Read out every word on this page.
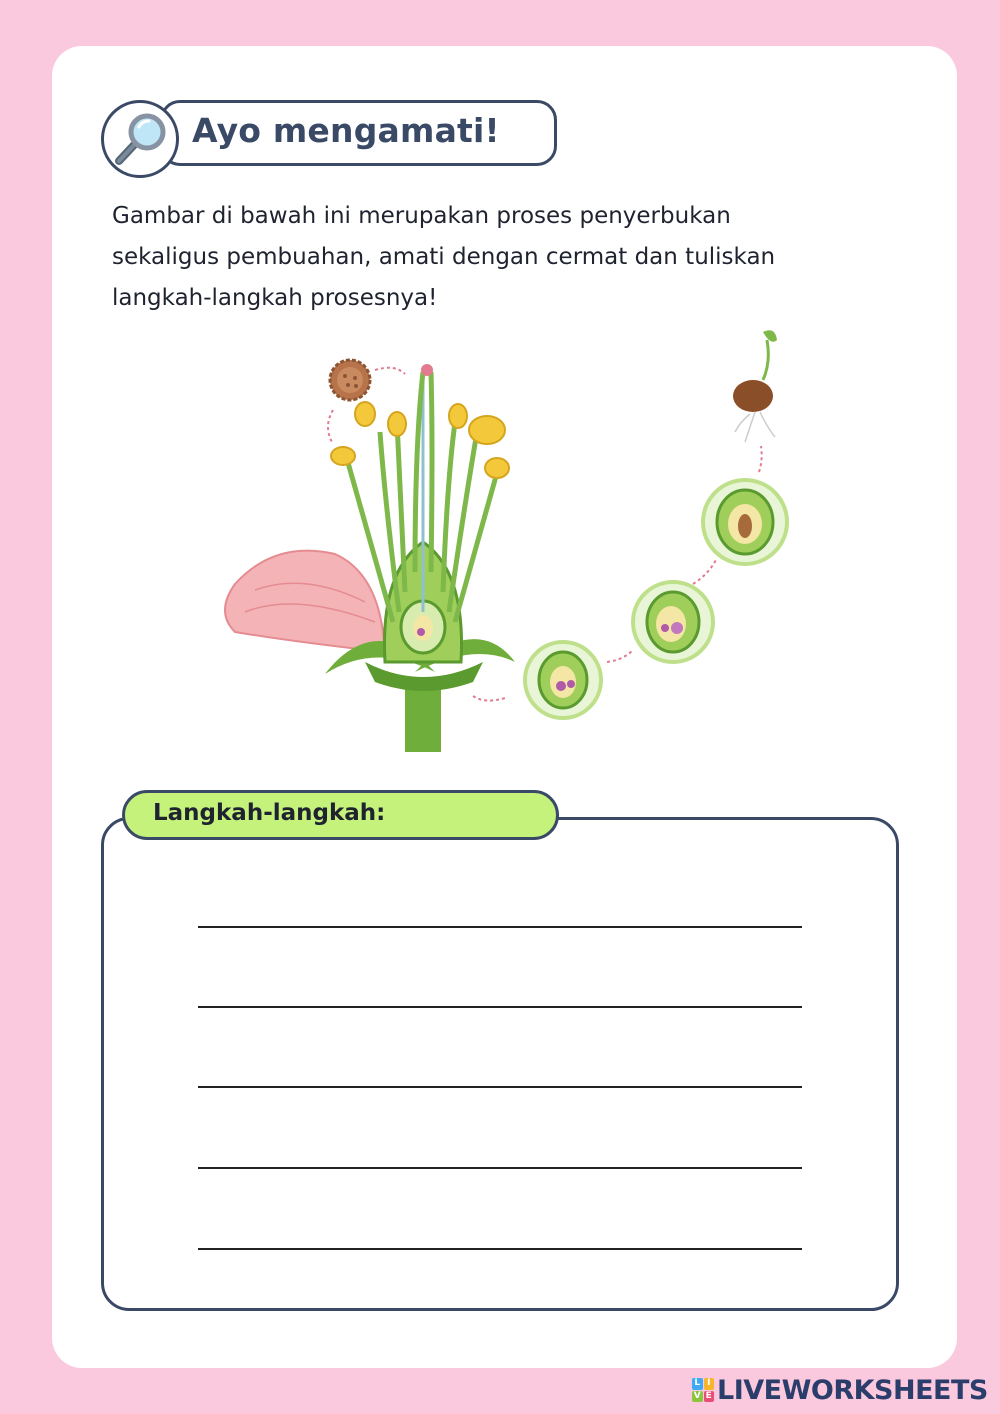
Ayo mengamati!
Gambar di bawah ini merupakan proses penyerbukan
sekaligus pembuahan, amati dengan cermat dan tuliskan
langkah-langkah prosesnya!
Langkah-langkah:
L I
V E LIVEWORKSHEETS
